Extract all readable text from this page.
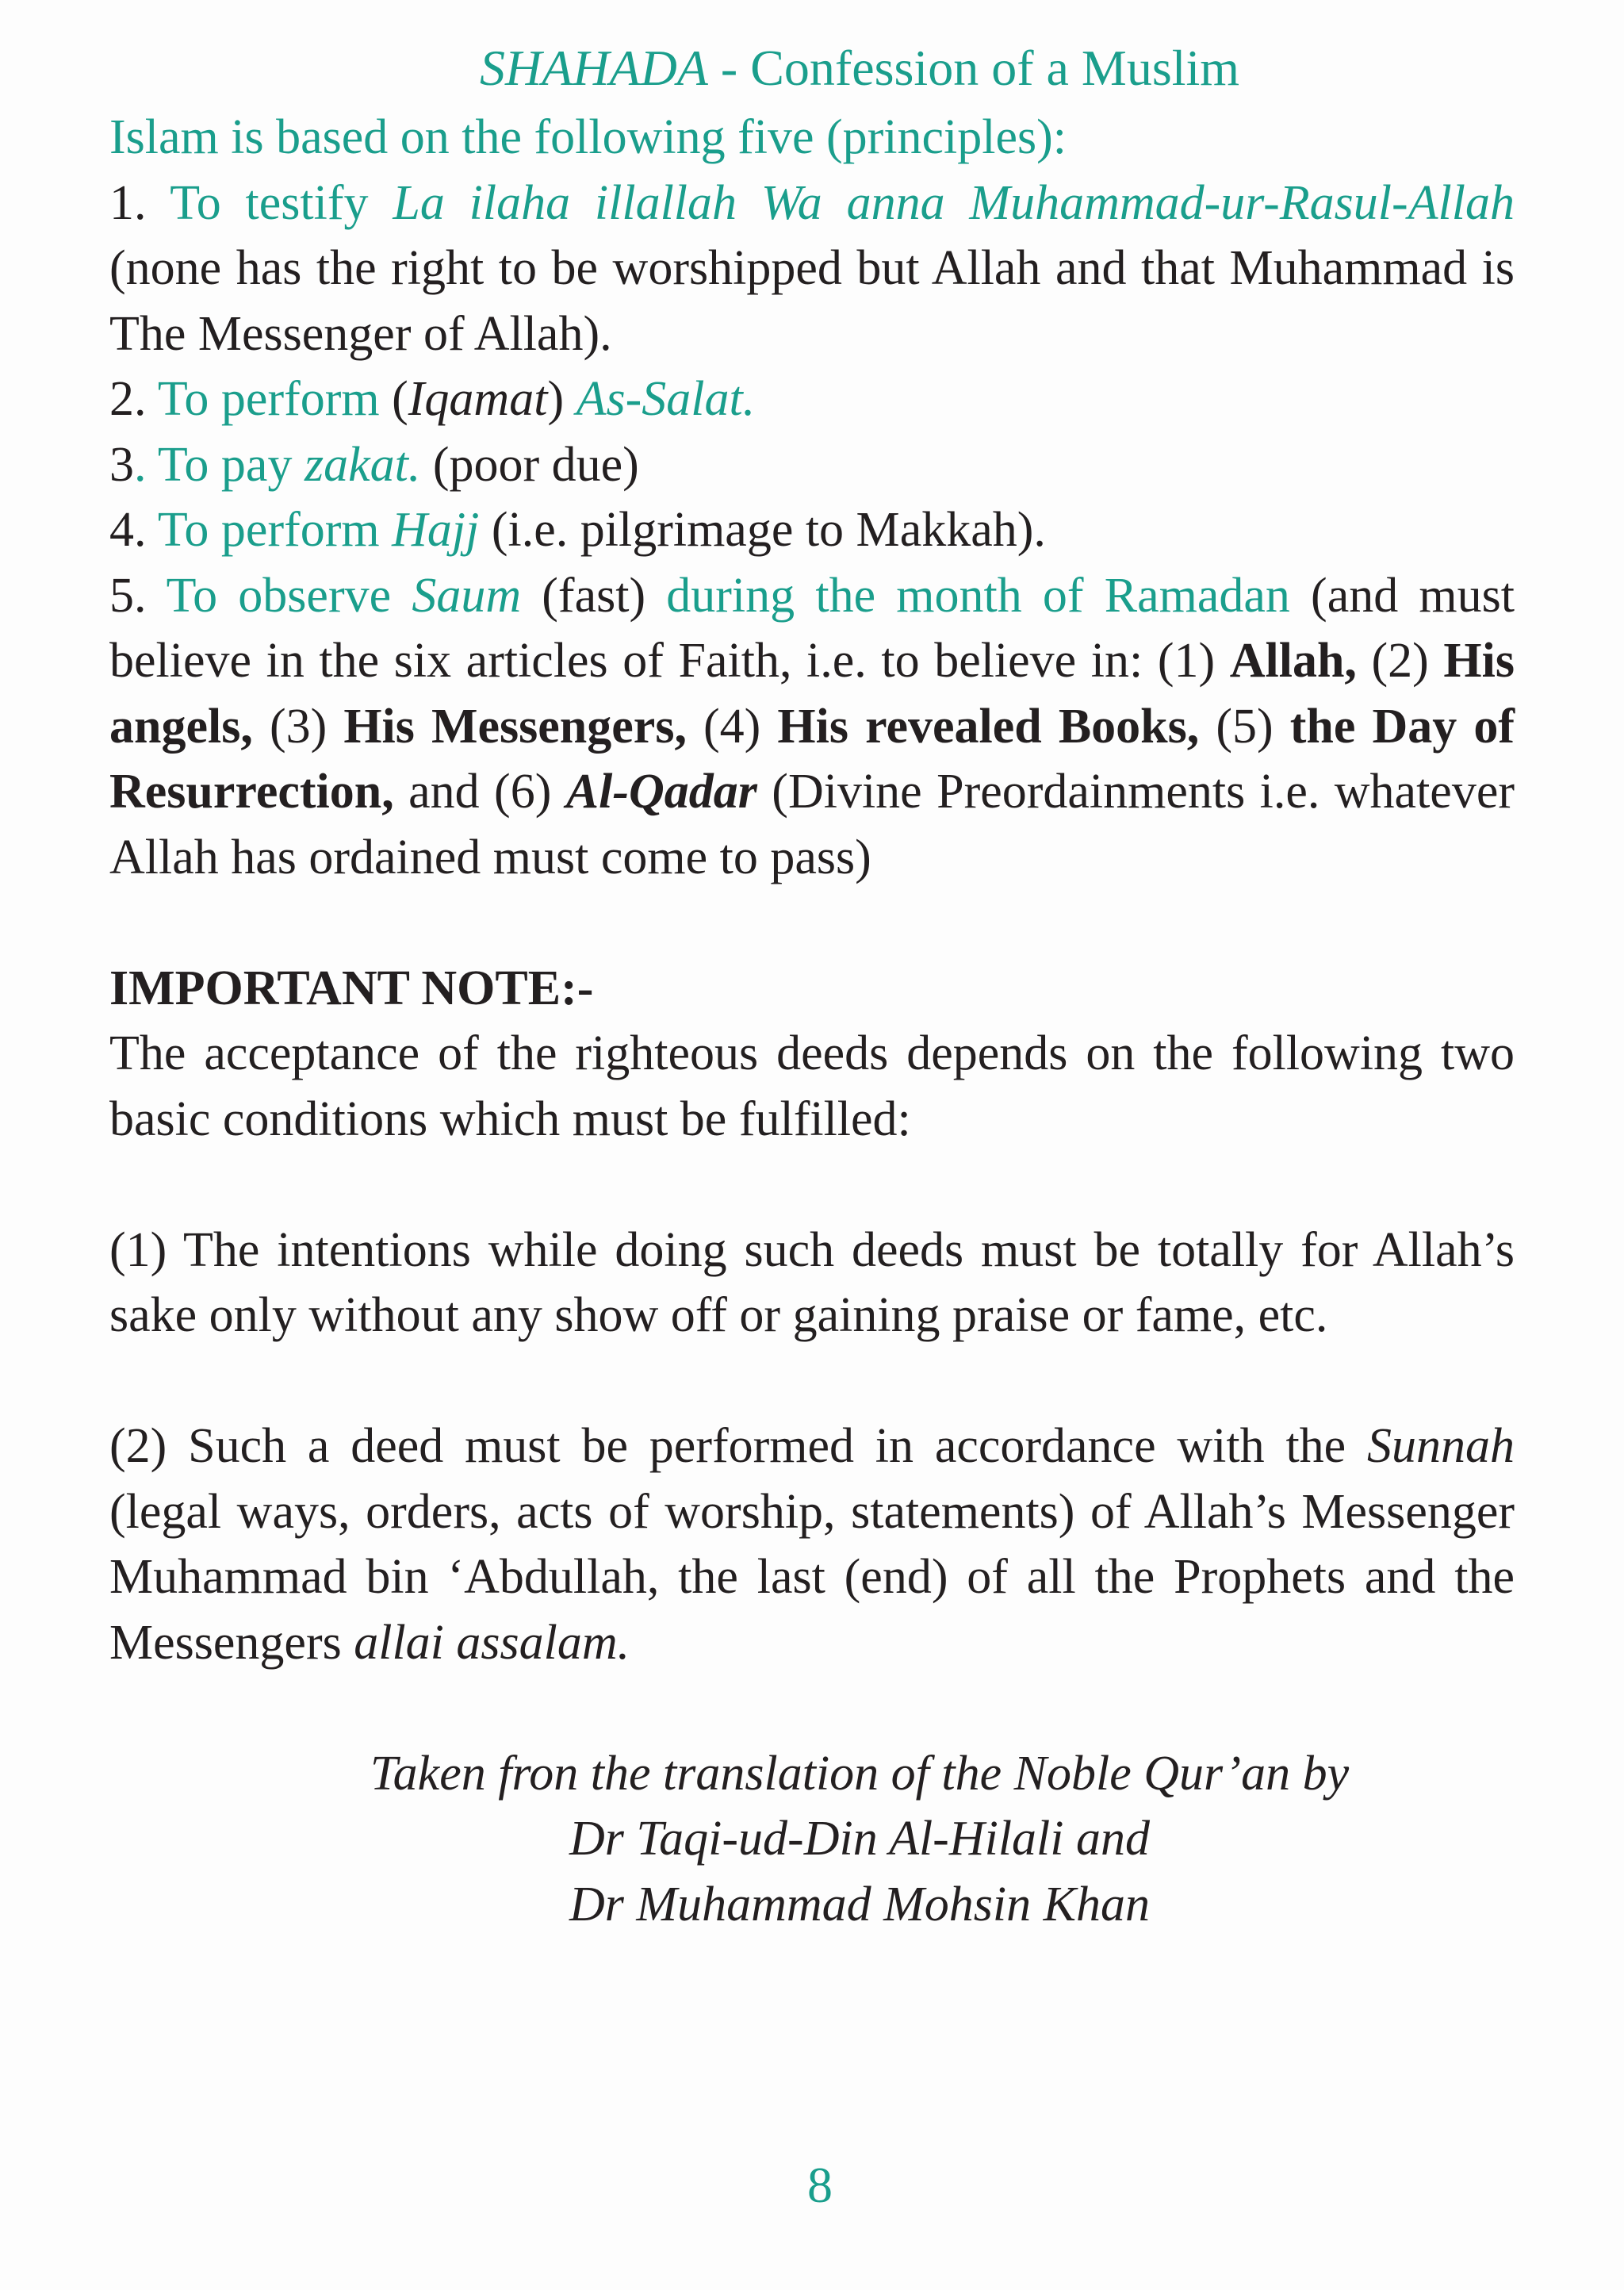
SHAHADA - Confession of a Muslim

Islam is based on the following five (principles):

1. To testify La ilaha illallah Wa anna Muhammad-ur-Rasul-Allah (none has the right to be worshipped but Allah and that Muhammad is The Messenger of Allah).

2. To perform (Iqamat) As-Salat.

3. To pay zakat. (poor due)

4. To perform Hajj (i.e. pilgrimage to Makkah).

5. To observe Saum (fast) during the month of Ramadan (and must believe in the six articles of Faith, i.e. to believe in: (1) Allah, (2) His angels, (3) His Messengers, (4) His revealed Books, (5) the Day of Resurrection, and (6) Al-Qadar (Divine Preordainments i.e. whatever Allah has ordained must come to pass)

IMPORTANT NOTE:-

The acceptance of the righteous deeds depends on the following two basic conditions which must be fulfilled:

(1) The intentions while doing such deeds must be totally for Allah’s sake only without any show off or gaining praise or fame, etc.

(2) Such a deed must be performed in accordance with the Sunnah (legal ways, orders, acts of worship, statements) of Allah’s Messenger Muhammad bin ‘Abdullah, the last (end) of all the Prophets and the Messengers allai assalam.

Taken fron the translation of the Noble Qur’an by
Dr Taqi-ud-Din Al-Hilali and
Dr Muhammad Mohsin Khan
8
